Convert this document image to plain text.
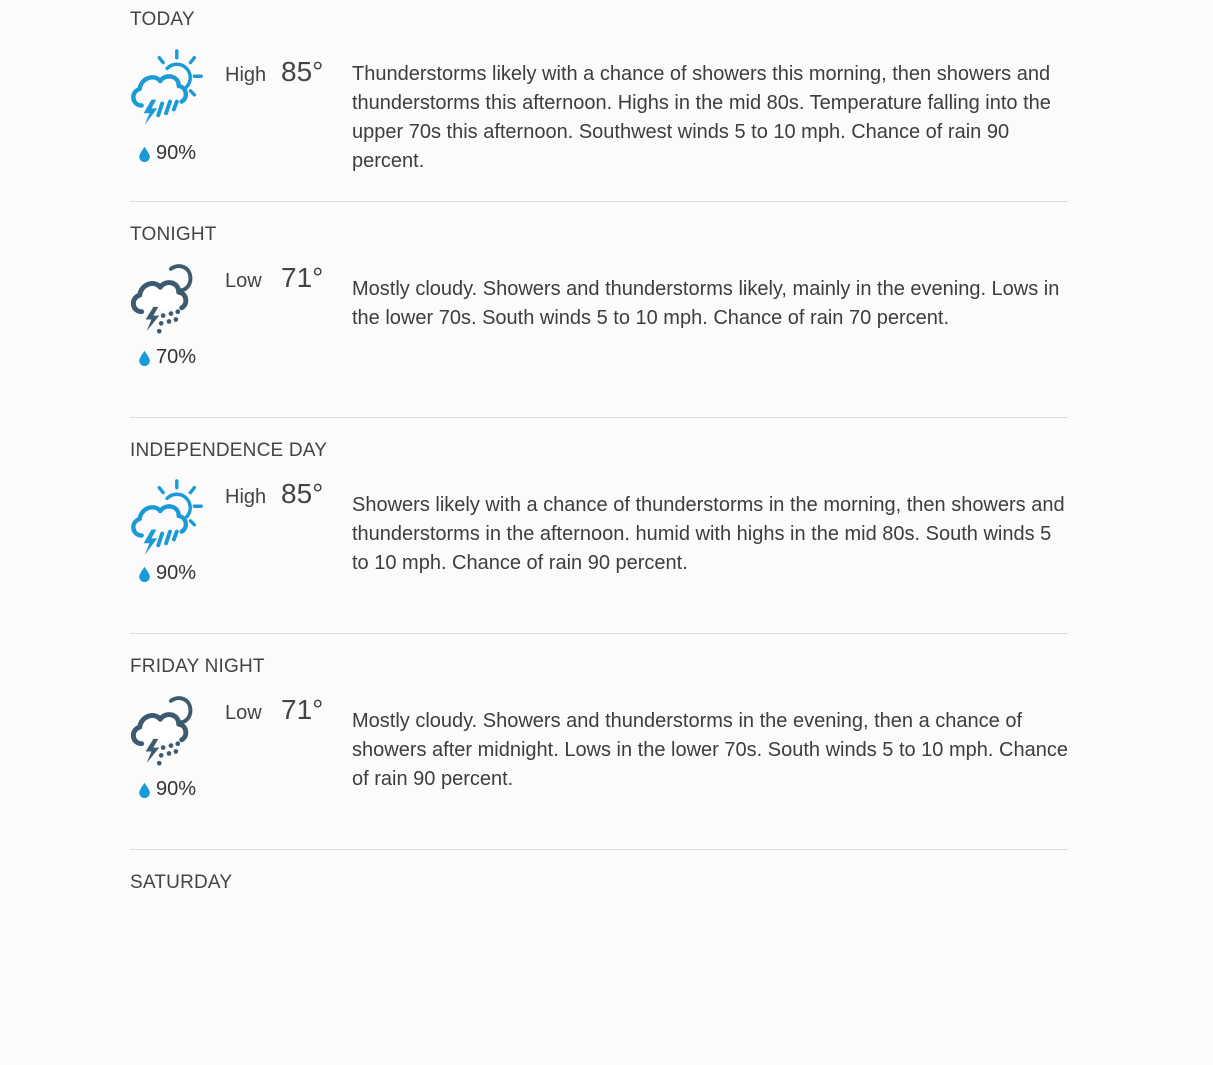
TODAY
90%
High 85° Thunderstorms likely with a chance of showers this morning, then showers and thunderstorms this afternoon. Highs in the mid 80s. Temperature falling into the upper 70s this afternoon. Southwest winds 5 to 10 mph. Chance of rain 90 percent.
TONIGHT
70%
Low 71° Mostly cloudy. Showers and thunderstorms likely, mainly in the evening. Lows in the lower 70s. South winds 5 to 10 mph. Chance of rain 70 percent.
INDEPENDENCE DAY
90%
High 85° Showers likely with a chance of thunderstorms in the morning, then showers and thunderstorms in the afternoon. humid with highs in the mid 80s. South winds 5 to 10 mph. Chance of rain 90 percent.
FRIDAY NIGHT
90%
Low 71° Mostly cloudy. Showers and thunderstorms in the evening, then a chance of showers after midnight. Lows in the lower 70s. South winds 5 to 10 mph. Chance of rain 90 percent.
SATURDAY
